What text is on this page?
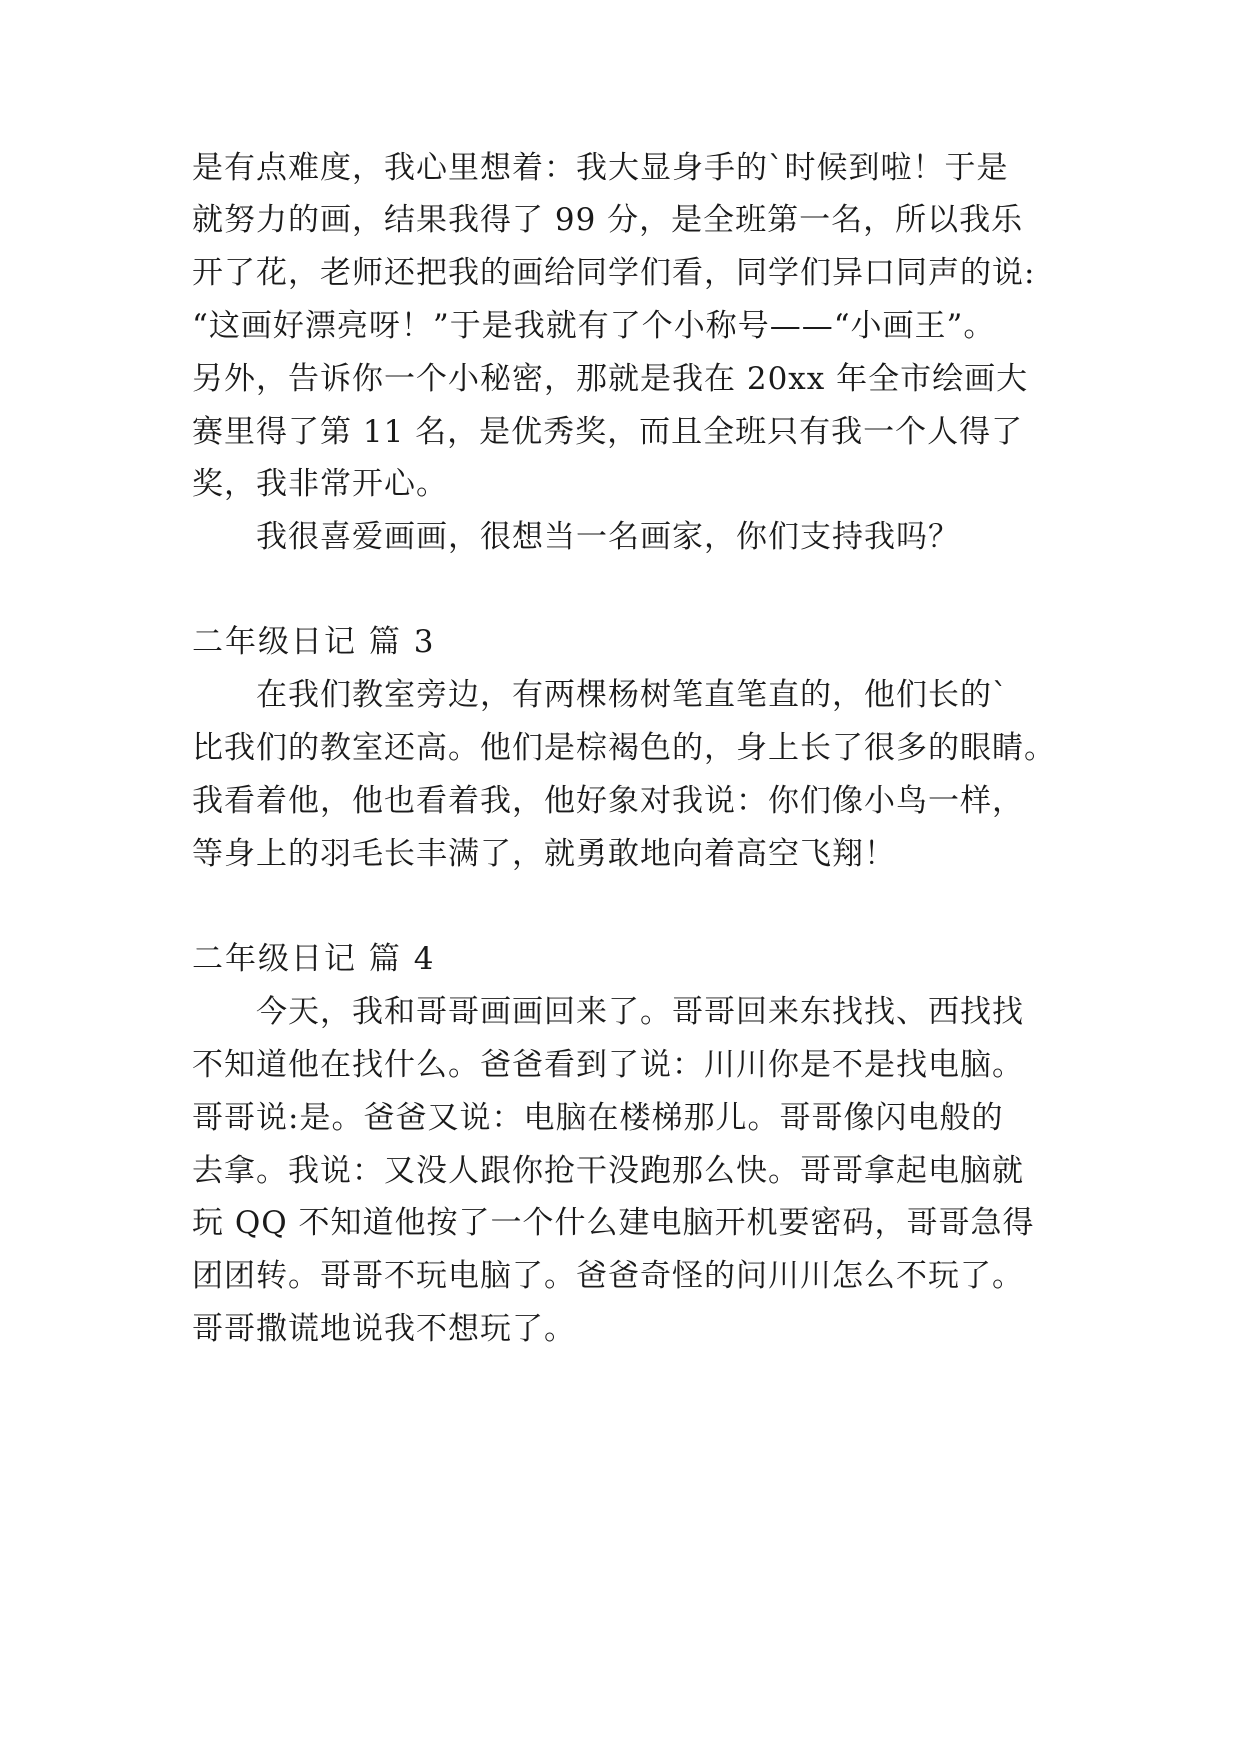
是有点难度，我心里想着：我大显身手的`时候到啦！于是
就努力的画，结果我得了 99 分，是全班第一名，所以我乐
开了花，老师还把我的画给同学们看，同学们异口同声的说:
“这画好漂亮呀！”于是我就有了个小称号——“小画王”。
另外，告诉你一个小秘密，那就是我在 20xx 年全市绘画大
赛里得了第 11 名，是优秀奖，而且全班只有我一个人得了
奖，我非常开心。
我很喜爱画画，很想当一名画家，你们支持我吗？
二年级日记 篇 3
在我们教室旁边，有两棵杨树笔直笔直的，他们长的`
比我们的教室还高。他们是棕褐色的，身上长了很多的眼睛。
我看着他，他也看着我，他好象对我说：你们像小鸟一样，
等身上的羽毛长丰满了，就勇敢地向着高空飞翔！
二年级日记 篇 4
今天，我和哥哥画画回来了。哥哥回来东找找、西找找
不知道他在找什么。爸爸看到了说：川川你是不是找电脑。
哥哥说:是。爸爸又说：电脑在楼梯那儿。哥哥像闪电般的
去拿。我说：又没人跟你抢干没跑那么快。哥哥拿起电脑就
玩 QQ 不知道他按了一个什么建电脑开机要密码，哥哥急得
团团转。哥哥不玩电脑了。爸爸奇怪的问川川怎么不玩了。
哥哥撒谎地说我不想玩了。
